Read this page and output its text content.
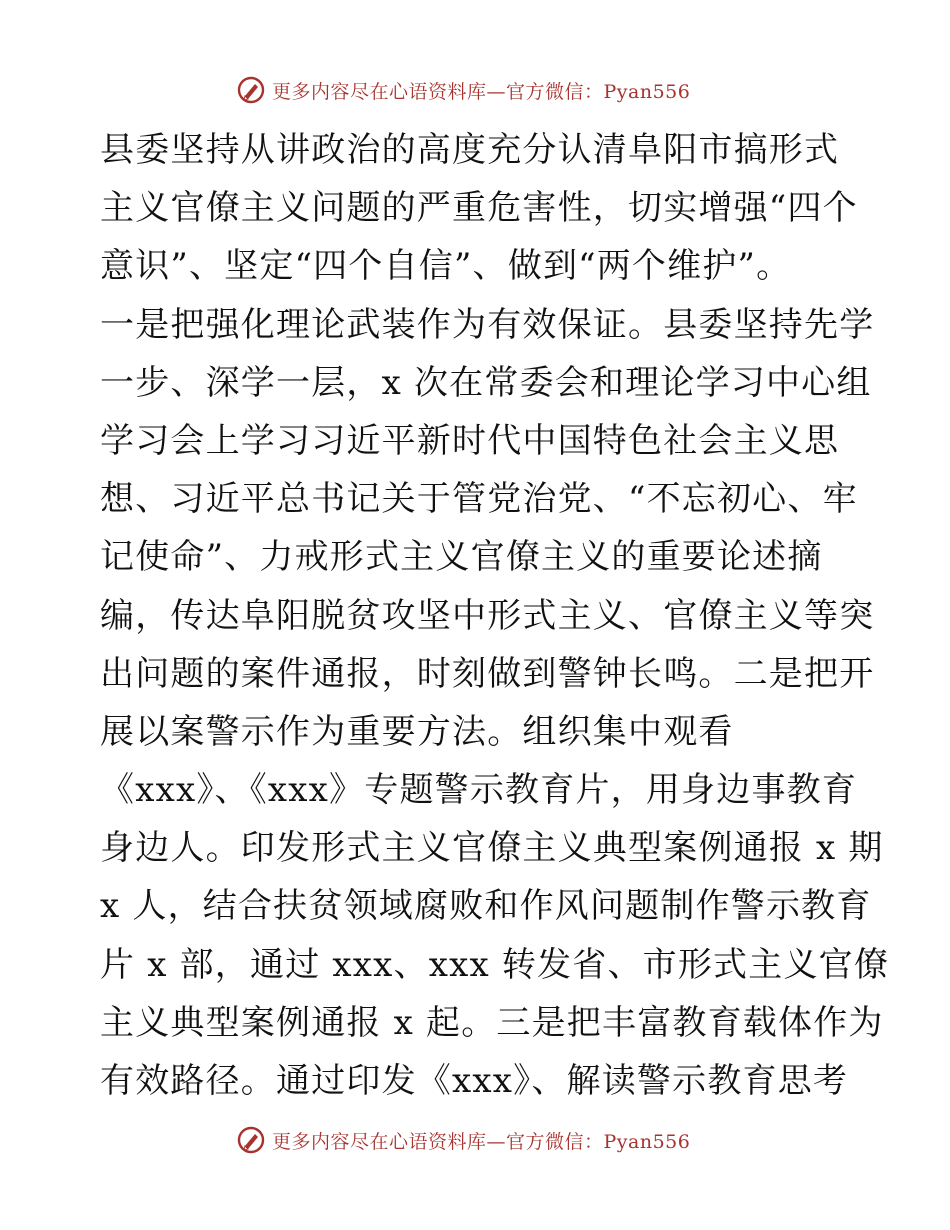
更多内容尽在心语资料库—官方微信：Pyan556
县委坚持从讲政治的高度充分认清阜阳市搞形式
主义官僚主义问题的严重危害性，切实增强“四个
意识”、坚定“四个自信”、做到“两个维护”。
一是把强化理论武装作为有效保证。县委坚持先学
一步、深学一层，x 次在常委会和理论学习中心组
学习会上学习习近平新时代中国特色社会主义思
想、习近平总书记关于管党治党、“不忘初心、牢
记使命”、力戒形式主义官僚主义的重要论述摘
编，传达阜阳脱贫攻坚中形式主义、官僚主义等突
出问题的案件通报，时刻做到警钟长鸣。二是把开
展以案警示作为重要方法。组织集中观看
《xxx》、《xxx》专题警示教育片，用身边事教育
身边人。印发形式主义官僚主义典型案例通报 x 期
x 人，结合扶贫领域腐败和作风问题制作警示教育
片 x 部，通过 xxx、xxx 转发省、市形式主义官僚
主义典型案例通报 x 起。三是把丰富教育载体作为
有效路径。通过印发《xxx》、解读警示教育思考
更多内容尽在心语资料库—官方微信：Pyan556
